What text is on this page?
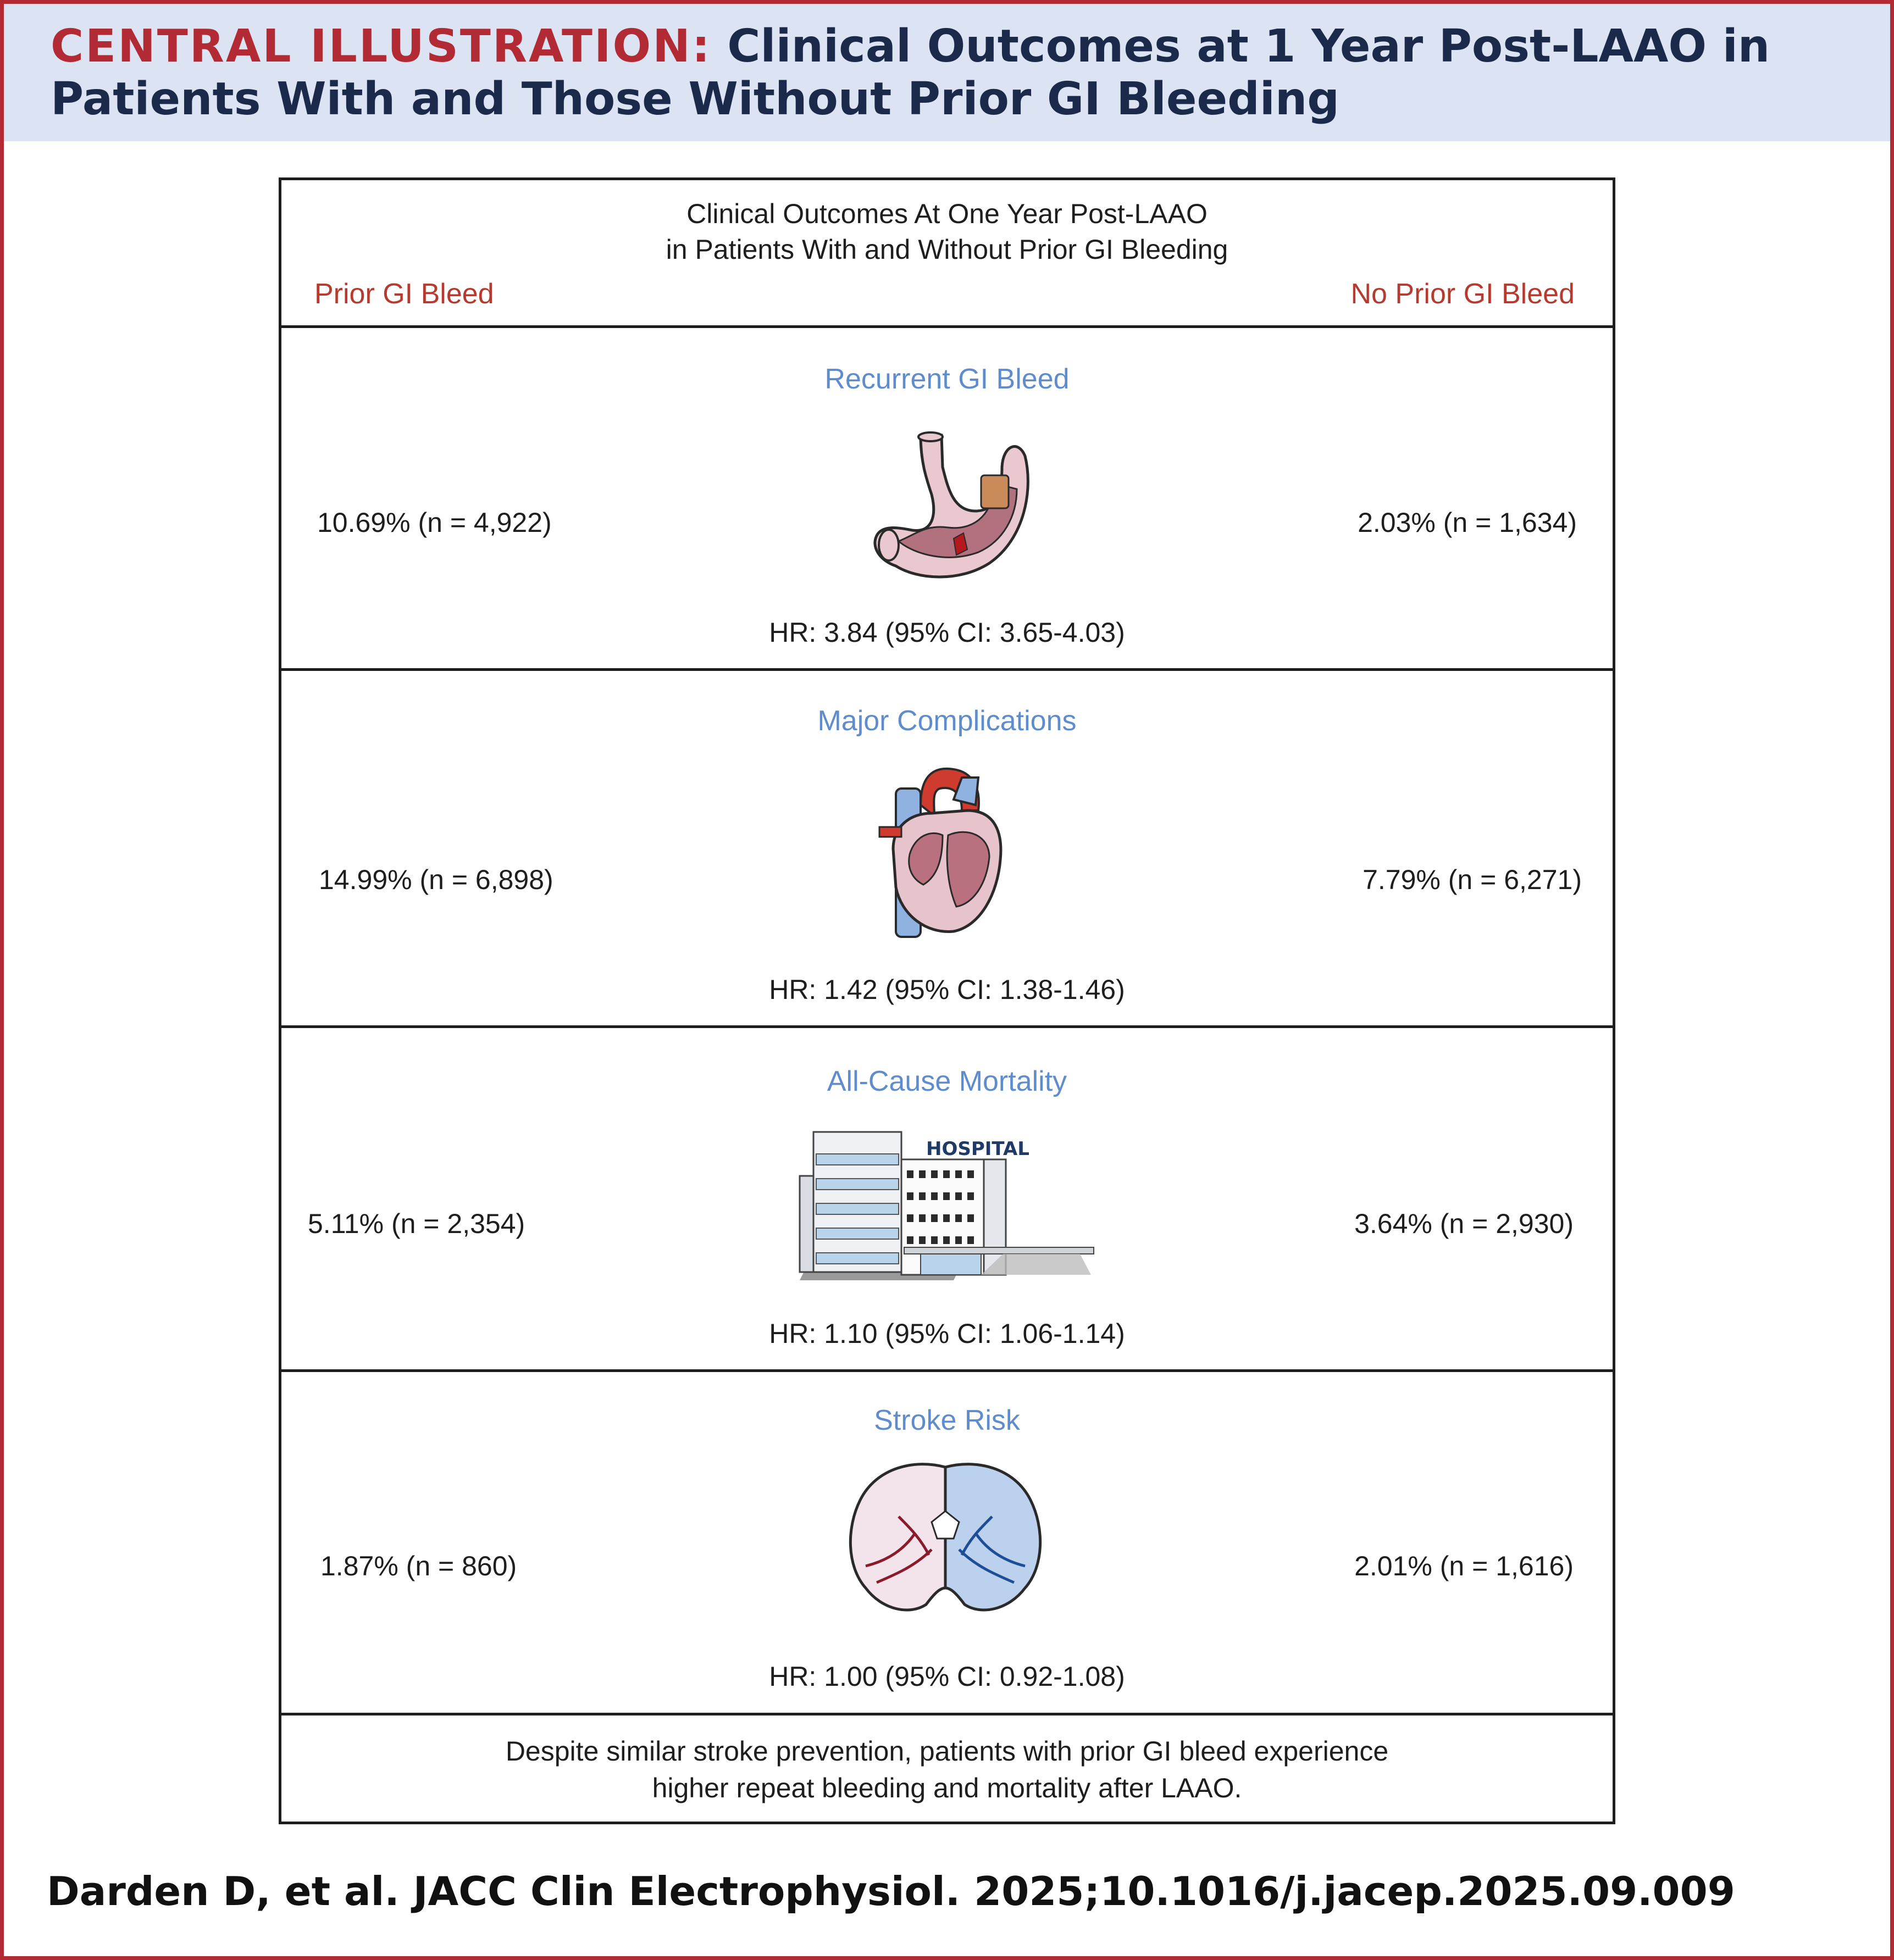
CENTRAL ILLUSTRATION: Clinical Outcomes at 1 Year Post-LAAO in Patients With and Those Without Prior GI Bleeding
Clinical Outcomes At One Year Post-LAAO
in Patients With and Without Prior GI Bleeding
Prior GI Bleed	No Prior GI Bleed
Recurrent GI Bleed
10.69% (n = 4,922)	2.03% (n = 1,634)
HR: 3.84 (95% CI: 3.65-4.03)
Major Complications
14.99% (n = 6,898)	7.79% (n = 6,271)
HR: 1.42 (95% CI: 1.38-1.46)
All-Cause Mortality
5.11% (n = 2,354)	3.64% (n = 2,930)
HR: 1.10 (95% CI: 1.06-1.14)
HOSPITAL
Stroke Risk
1.87% (n = 860)	2.01% (n = 1,616)
HR: 1.00 (95% CI: 0.92-1.08)
Despite similar stroke prevention, patients with prior GI bleed experience
higher repeat bleeding and mortality after LAAO.
Darden D, et al. JACC Clin Electrophysiol. 2025;10.1016/j.jacep.2025.09.009
